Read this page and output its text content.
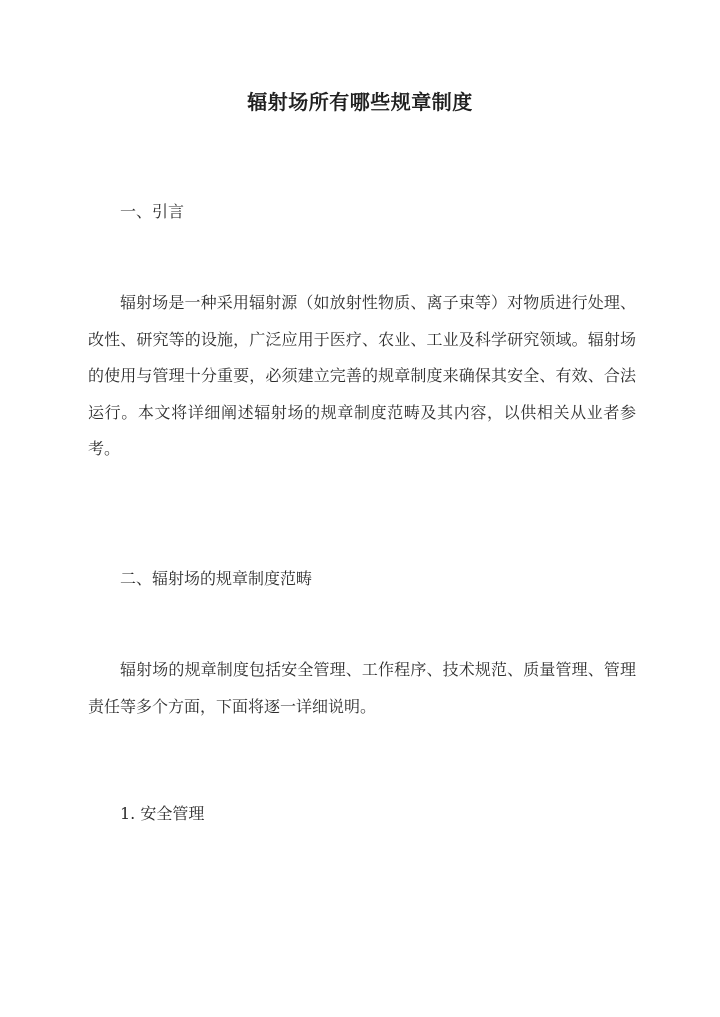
辐射场所有哪些规章制度
一、引言
辐射场是一种采用辐射源（如放射性物质、离子束等）对物质进行处理、改性、研究等的设施，广泛应用于医疗、农业、工业及科学研究领域。辐射场的使用与管理十分重要，必须建立完善的规章制度来确保其安全、有效、合法运行。本文将详细阐述辐射场的规章制度范畴及其内容，以供相关从业者参考。
二、辐射场的规章制度范畴
辐射场的规章制度包括安全管理、工作程序、技术规范、质量管理、管理责任等多个方面，下面将逐一详细说明。
1. 安全管理
